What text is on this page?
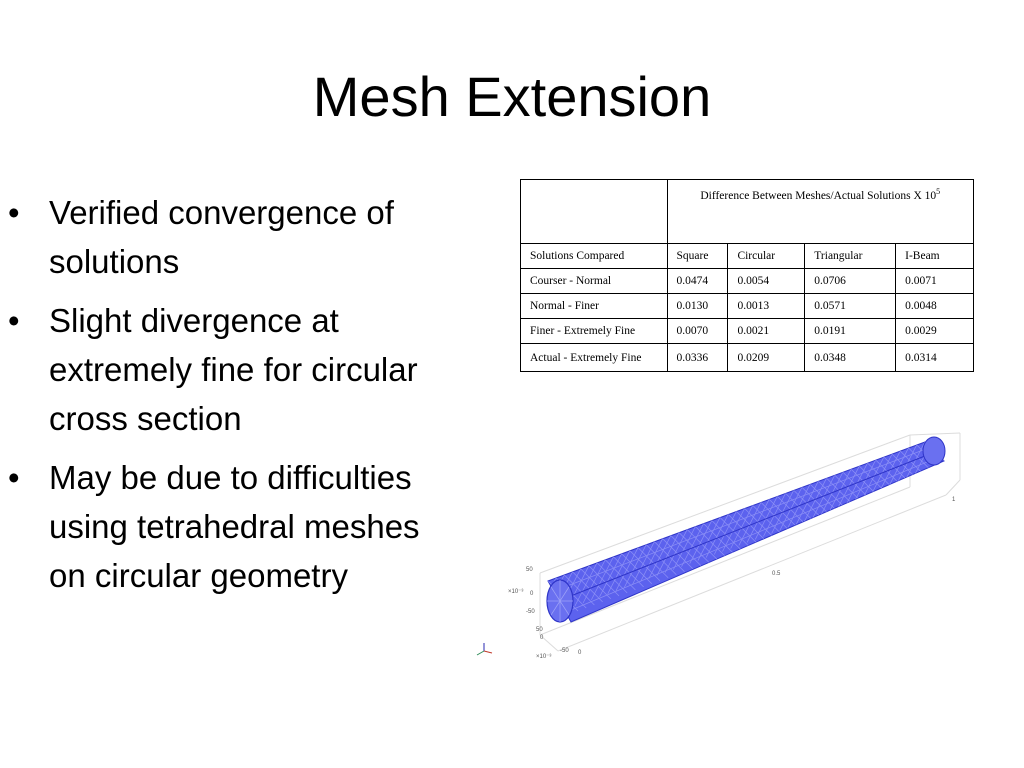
Mesh Extension
• Verified convergence of solutions
• Slight divergence at extremely fine for circular cross section
• May be due to difficulties using tetrahedral meshes on circular geometry
	Difference Between Meshes/Actual Solutions X $10^5$
Solutions Compared	Square	Circular	Triangular	I-Beam
Courser - Normal	0.0474	0.0054	0.0706	0.0071
Normal - Finer	0.0130	0.0013	0.0571	0.0048
Finer - Extremely Fine	0.0070	0.0021	0.0191	0.0029
Actual - Extremely Fine	0.0336	0.0209	0.0348	0.0314
×10⁻³
50
0
-50
50
0
-50
×10⁻³
0
0.5
1
